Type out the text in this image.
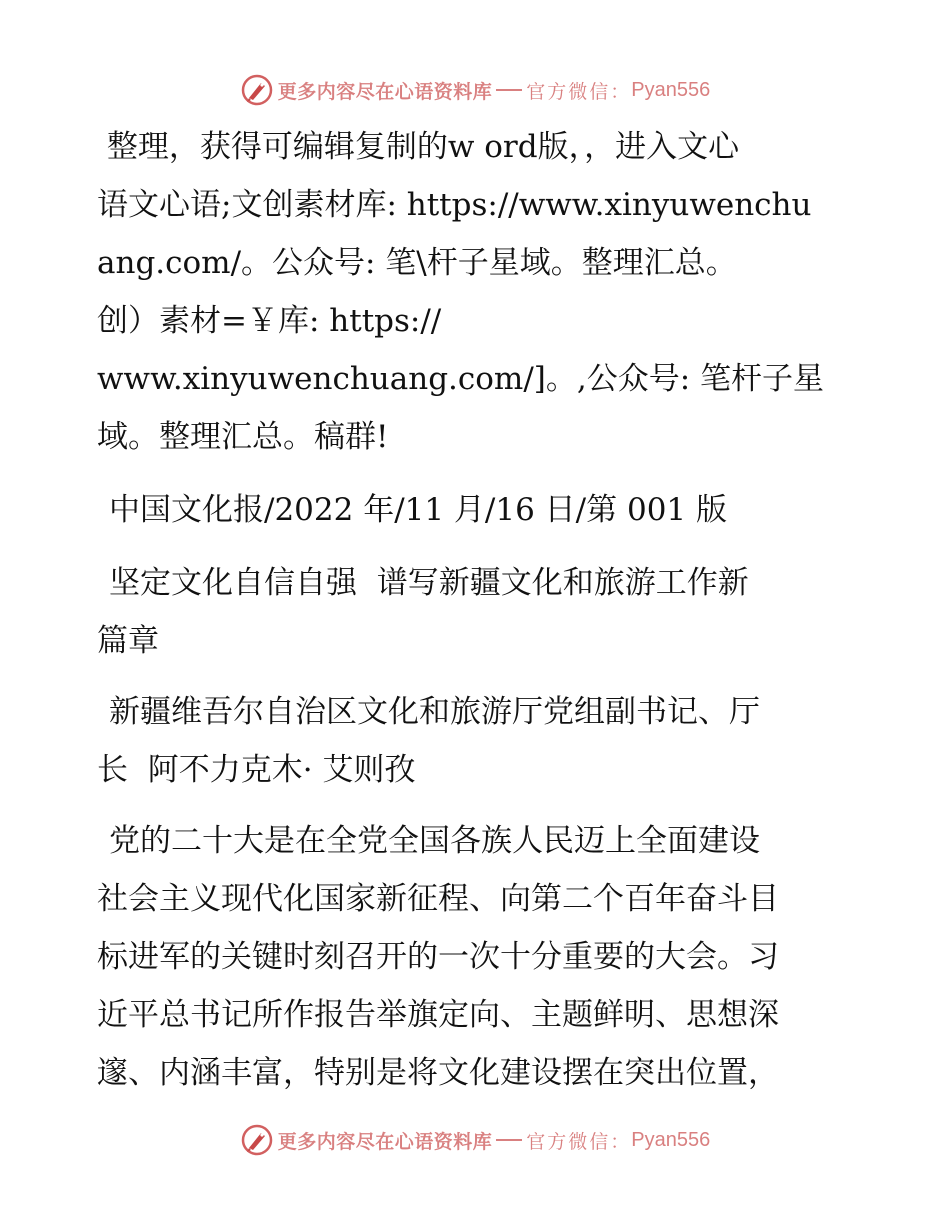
更多内容尽在心语资料库 官方微信： Pyan556

整理，获得可编辑复制的w ord版，，进入文心

语文心语;文创素材库: https://www.xinyuwenchu

ang.com/。公众号: 笔\杆子星域。整理汇总。

创）素材=￥库: https://

www.xinyuwenchuang.com/]。,公众号: 笔杆子星

域。整理汇总。稿群!

中国文化报/2022 年/11 月/16 日/第 001 版

坚定文化自信自强  谱写新疆文化和旅游工作新

篇章

新疆维吾尔自治区文化和旅游厅党组副书记、厅

长  阿不力克木· 艾则孜

党的二十大是在全党全国各族人民迈上全面建设

社会主义现代化国家新征程、向第二个百年奋斗目

标进军的关键时刻召开的一次十分重要的大会。习

近平总书记所作报告举旗定向、主题鲜明、思想深

邃、内涵丰富，特别是将文化建设摆在突出位置，

更多内容尽在心语资料库 官方微信： Pyan556
